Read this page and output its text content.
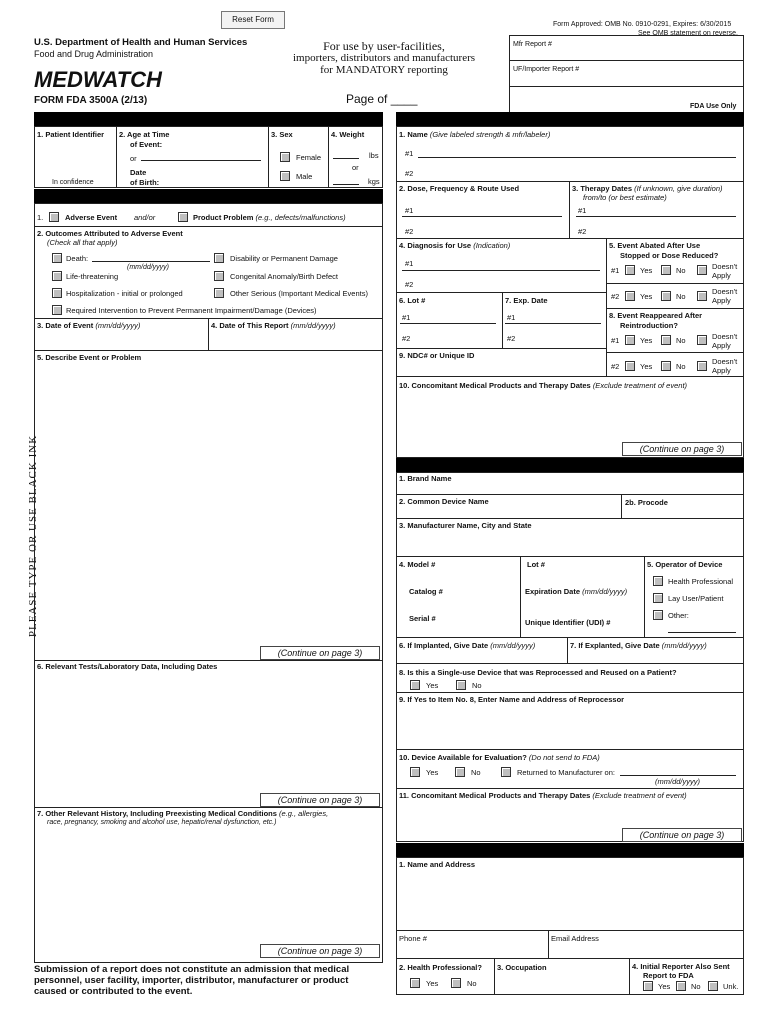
Reset Form
Form Approved: OMB No. 0910-0291, Expires: 6/30/2015
See OMB statement on reverse.
U.S. Department of Health and Human Services
Food and Drug Administration
For use by user-facilities,
importers, distributors and manufacturers
for MANDATORY reporting
MEDWATCH
FORM FDA 3500A (2/13)	Page of ____
Mfr Report #
UF/Importer Report #
FDA Use Only
PLEASE TYPE OR USE BLACK INK
1. Patient Identifier
In confidence
2. Age at Time
of Event:
or
Date
of Birth:
3. Sex
Female
Male
4. Weight
lbs
or
kgs
1.	Adverse Event and/or	Product Problem (e.g., defects/malfunctions)
2. Outcomes Attributed to Adverse Event
(Check all that apply)
Death:
(mm/dd/yyyy)
Disability or Permanent Damage
Life-threatening	Congenital Anomaly/Birth Defect
Hospitalization - initial or prolonged	Other Serious (Important Medical Events)
Required Intervention to Prevent Permanent Impairment/Damage (Devices)
3. Date of Event (mm/dd/yyyy)	4. Date of This Report (mm/dd/yyyy)
5. Describe Event or Problem
(Continue on page 3)
6. Relevant Tests/Laboratory Data, Including Dates
(Continue on page 3)
7. Other Relevant History, Including Preexisting Medical Conditions (e.g., allergies,
race, pregnancy, smoking and alcohol use, hepatic/renal dysfunction, etc.)
(Continue on page 3)
Submission of a report does not constitute an admission that medical
personnel, user facility, importer, distributor, manufacturer or product
caused or contributed to the event.
1. Name (Give labeled strength & mfr/labeler)
#1
#2
2. Dose, Frequency & Route Used	3. Therapy Dates (If unknown, give duration)
from/to (or best estimate)
#1	#1
#2	#2
4. Diagnosis for Use (Indication)
#1
#2
6. Lot #	7. Exp. Date
#1	#1
#2	#2
9. NDC# or Unique ID
5. Event Abated After Use
Stopped or Dose Reduced?
#1	Yes	No	Doesn't
Apply
#2	Yes	No
Doesn't
Apply
8. Event Reappeared After
Reintroduction?
#1	Yes	No	Doesn't
Apply
#2	Yes	No
Doesn't
Apply
10. Concomitant Medical Products and Therapy Dates (Exclude treatment of event)
(Continue on page 3)
1. Brand Name
2. Common Device Name	2b. Procode
3. Manufacturer Name, City and State
4. Model #	Lot #
Catalog #	Expiration Date (mm/dd/yyyy)
Serial #	Unique Identifier (UDI) #
5. Operator of Device
Health Professional
Lay User/Patient
Other:
6. If Implanted, Give Date (mm/dd/yyyy)	7. If Explanted, Give Date (mm/dd/yyyy)
8. Is this a Single-use Device that was Reprocessed and Reused on a Patient?
Yes	No
9. If Yes to Item No. 8, Enter Name and Address of Reprocessor
10. Device Available for Evaluation? (Do not send to FDA)
Yes	No	Returned to Manufacturer on:
(mm/dd/yyyy)
11. Concomitant Medical Products and Therapy Dates (Exclude treatment of event)
(Continue on page 3)
1. Name and Address
Phone #	Email Address
2. Health Professional?
Yes	No
3. Occupation	4. Initial Reporter Also Sent
Report to FDA
Yes	No	Unk.
